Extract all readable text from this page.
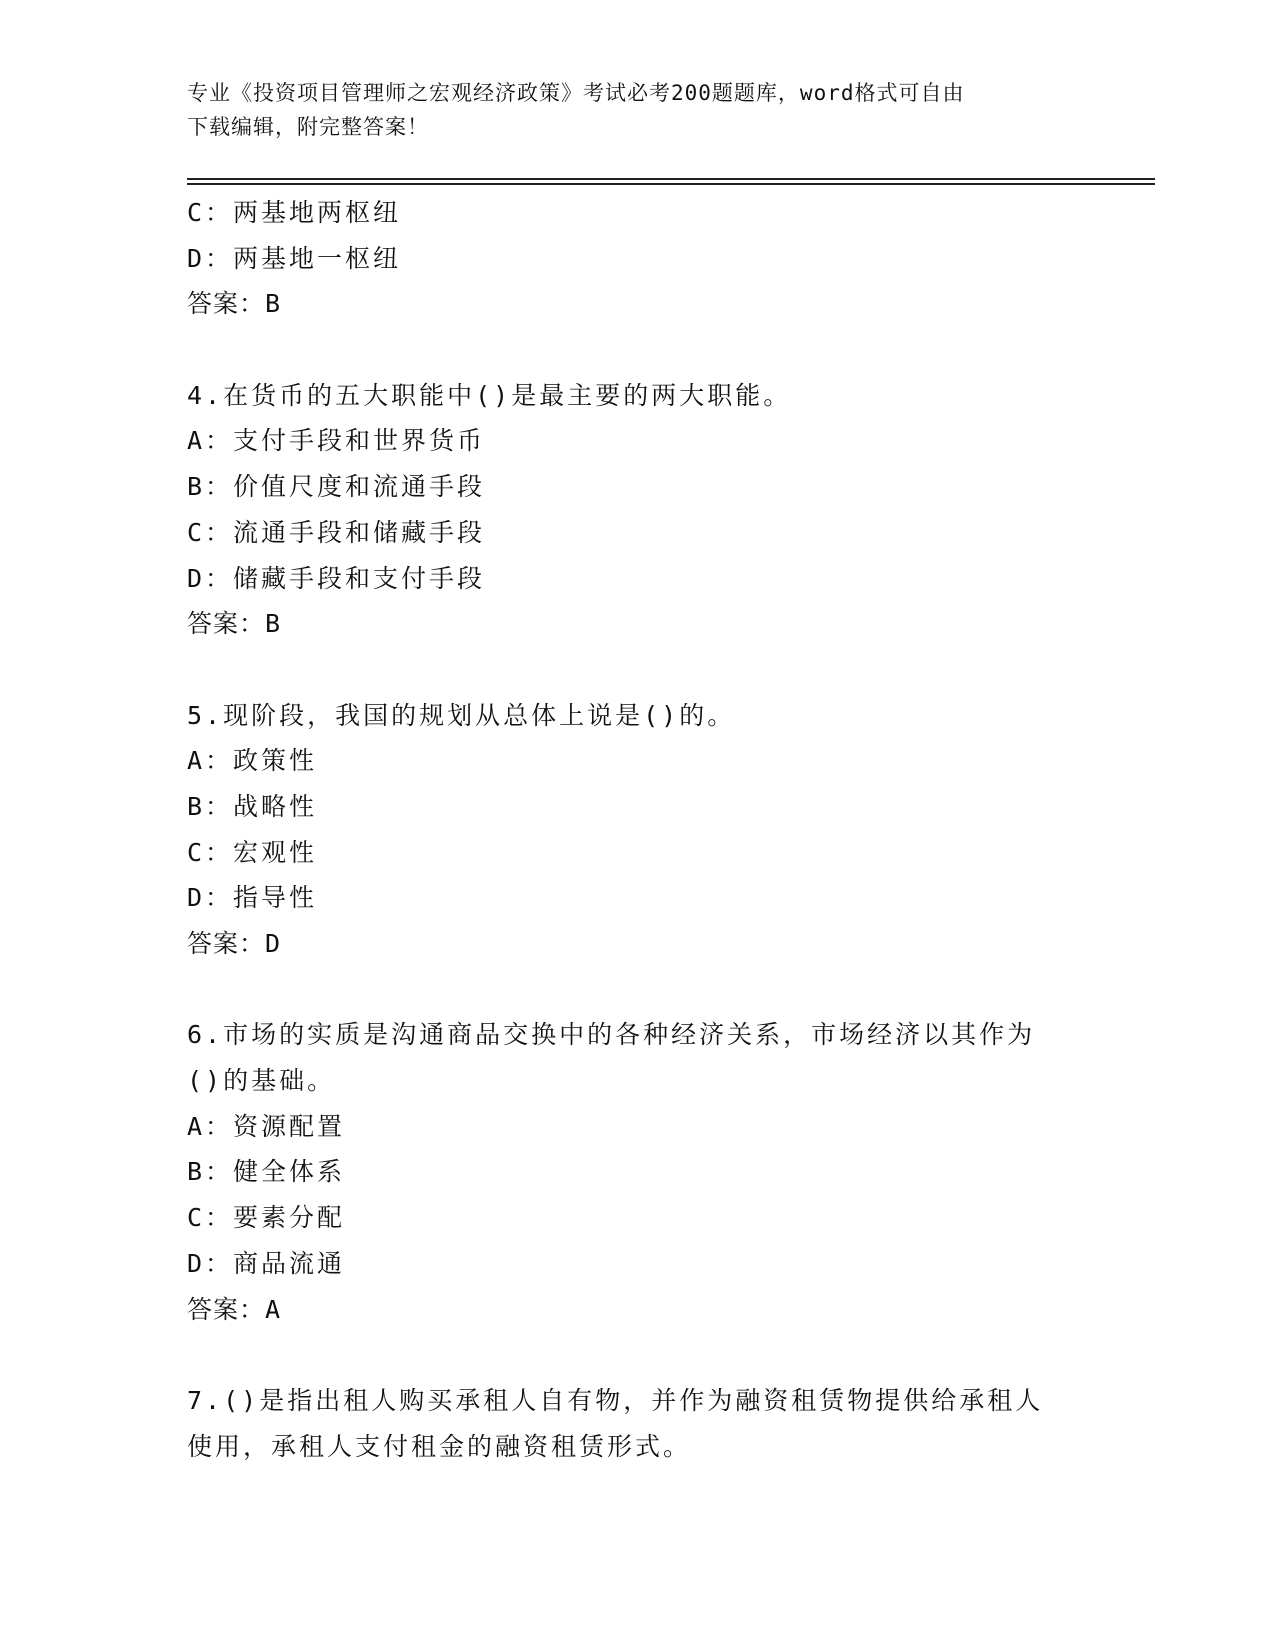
专业《投资项目管理师之宏观经济政策》考试必考200题题库，word格式可自由
下载编辑，附完整答案！
C：两基地两枢纽
D：两基地一枢纽
答案：B
4.在货币的五大职能中()是最主要的两大职能。
A：支付手段和世界货币
B：价值尺度和流通手段
C：流通手段和储藏手段
D：储藏手段和支付手段
答案：B
5.现阶段，我国的规划从总体上说是()的。
A：政策性
B：战略性
C：宏观性
D：指导性
答案：D
6.市场的实质是沟通商品交换中的各种经济关系，市场经济以其作为
()的基础。
A：资源配置
B：健全体系
C：要素分配
D：商品流通
答案：A
7.()是指出租人购买承租人自有物，并作为融资租赁物提供给承租人
使用，承租人支付租金的融资租赁形式。
